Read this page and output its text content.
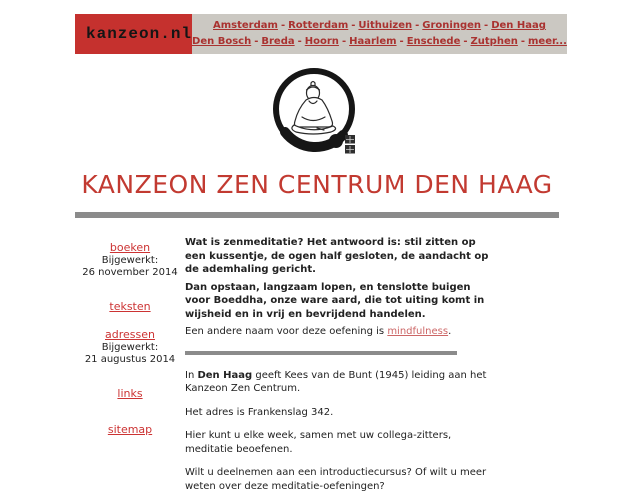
kanzeon.nl Amsterdam - Rotterdam - Uithuizen - Groningen - Den Haag
Den Bosch - Breda - Hoorn - Haarlem - Enschede - Zutphen - meer...
KANZEON ZEN CENTRUM DEN HAAG
boeken
Bijgewerkt:
26 november 2014
teksten
adressen
Bijgewerkt:
21 augustus 2014
links
sitemap

Wat is zenmeditatie? Het antwoord is: stil zitten op een kussentje, de ogen half gesloten, de aandacht op de ademhaling gericht.

Dan opstaan, langzaam lopen, en tenslotte buigen voor Boeddha, onze ware aard, die tot uiting komt in wijsheid en in vrij en bevrijdend handelen.

Een andere naam voor deze oefening is mindfulness.

In Den Haag geeft Kees van de Bunt (1945) leiding aan het Kanzeon Zen Centrum.

Het adres is Frankenslag 342.

Hier kunt u elke week, samen met uw collega-zitters, meditatie beoefenen.

Wilt u deelnemen aan een introductiecursus? Of wilt u meer weten over deze meditatie-oefeningen?
